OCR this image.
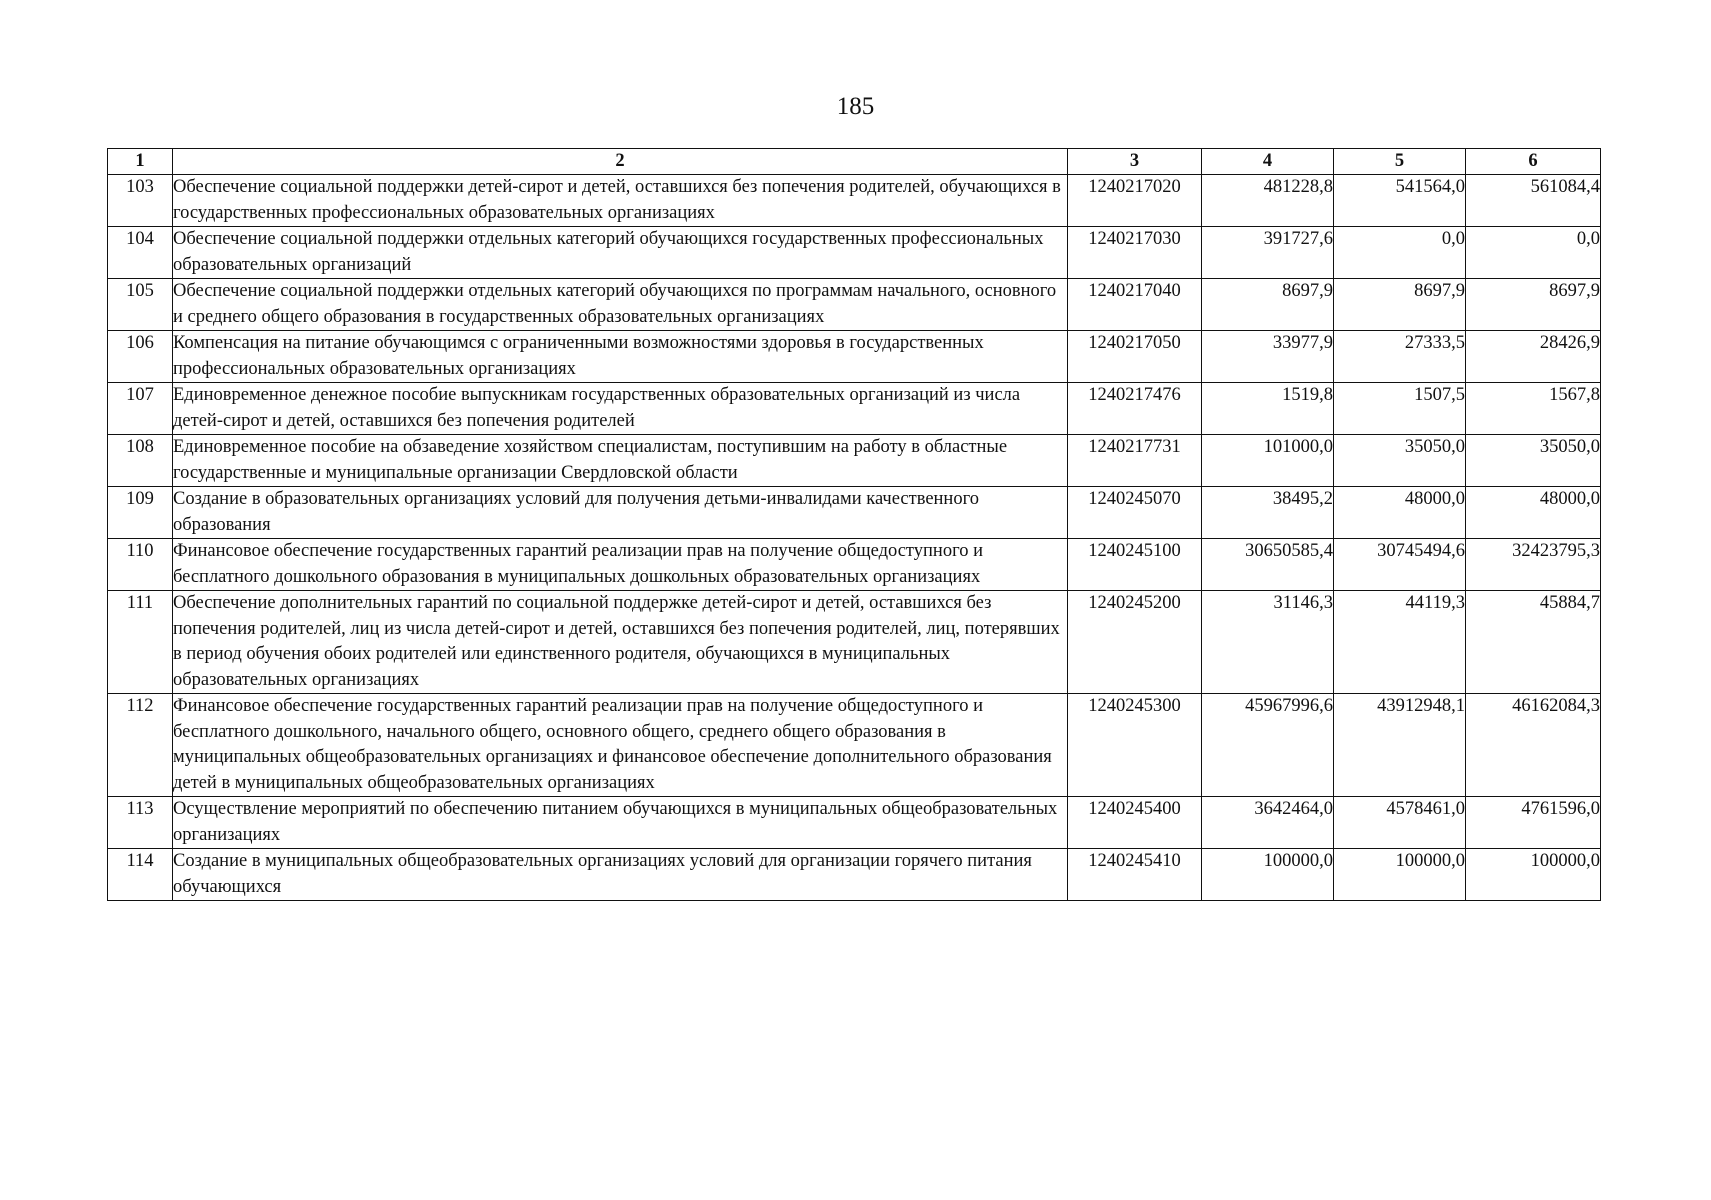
185
1	2	3	4	5	6
103	Обеспечение социальной поддержки детей-сирот и детей, оставшихся без попечения родителей, обучающихся в государственных профессиональных образовательных организациях	1240217020	481228,8	541564,0	561084,4
104	Обеспечение социальной поддержки отдельных категорий обучающихся государственных профессиональных образовательных организаций	1240217030	391727,6	0,0	0,0
105	Обеспечение социальной поддержки отдельных категорий обучающихся по программам начального, основного и среднего общего образования в государственных образовательных организациях	1240217040	8697,9	8697,9	8697,9
106	Компенсация на питание обучающимся с ограниченными возможностями здоровья в государственных профессиональных образовательных организациях	1240217050	33977,9	27333,5	28426,9
107	Единовременное денежное пособие выпускникам государственных образовательных организаций из числа детей-сирот и детей, оставшихся без попечения родителей	1240217476	1519,8	1507,5	1567,8
108	Единовременное пособие на обзаведение хозяйством специалистам, поступившим на работу в областные государственные и муниципальные организации Свердловской области	1240217731	101000,0	35050,0	35050,0
109	Создание в образовательных организациях условий для получения детьми-инвалидами качественного образования	1240245070	38495,2	48000,0	48000,0
110	Финансовое обеспечение государственных гарантий реализации прав на получение общедоступного и бесплатного дошкольного образования в муниципальных дошкольных образовательных организациях	1240245100	30650585,4	30745494,6	32423795,3
111	Обеспечение дополнительных гарантий по социальной поддержке детей-сирот и детей, оставшихся без попечения родителей, лиц из числа детей-сирот и детей, оставшихся без попечения родителей, лиц, потерявших в период обучения обоих родителей или единственного родителя, обучающихся в муниципальных образовательных организациях	1240245200	31146,3	44119,3	45884,7
112	Финансовое обеспечение государственных гарантий реализации прав на получение общедоступного и бесплатного дошкольного, начального общего, основного общего, среднего общего образования в муниципальных общеобразовательных организациях и финансовое обеспечение дополнительного образования детей в муниципальных общеобразовательных организациях	1240245300	45967996,6	43912948,1	46162084,3
113	Осуществление мероприятий по обеспечению питанием обучающихся в муниципальных общеобразовательных организациях	1240245400	3642464,0	4578461,0	4761596,0
114	Создание в муниципальных общеобразовательных организациях условий для организации горячего питания обучающихся	1240245410	100000,0	100000,0	100000,0
